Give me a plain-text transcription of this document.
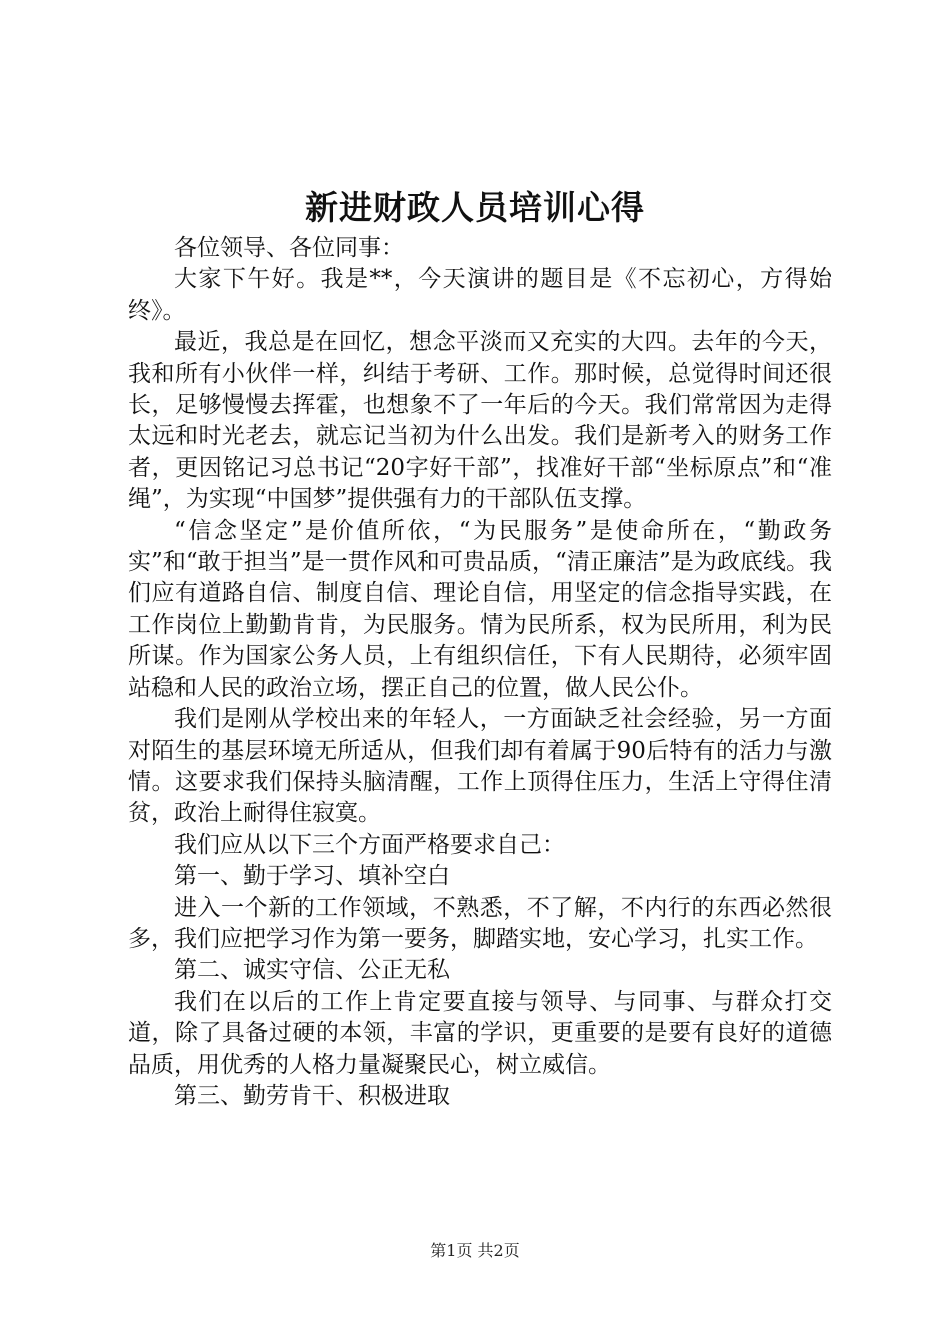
新进财政人员培训心得

各位领导、各位同事：

大家下午好。我是**，今天演讲的题目是《不忘初心，方得始终》。

最近，我总是在回忆，想念平淡而又充实的大四。去年的今天，我和所有小伙伴一样，纠结于考研、工作。那时候，总觉得时间还很长，足够慢慢去挥霍，也想象不了一年后的今天。我们常常因为走得太远和时光老去，就忘记当初为什么出发。我们是新考入的财务工作者，更因铭记习总书记“20字好干部”，找准好干部“坐标原点”和“准绳”，为实现“中国梦”提供强有力的干部队伍支撑。

“信念坚定”是价值所依，“为民服务”是使命所在，“勤政务实”和“敢于担当”是一贯作风和可贵品质，“清正廉洁”是为政底线。我们应有道路自信、制度自信、理论自信，用坚定的信念指导实践，在工作岗位上勤勤肯肯，为民服务。情为民所系，权为民所用，利为民所谋。作为国家公务人员，上有组织信任，下有人民期待，必须牢固站稳和人民的政治立场，摆正自己的位置，做人民公仆。

我们是刚从学校出来的年轻人，一方面缺乏社会经验，另一方面对陌生的基层环境无所适从，但我们却有着属于90后特有的活力与激情。这要求我们保持头脑清醒，工作上顶得住压力，生活上守得住清贫，政治上耐得住寂寞。

我们应从以下三个方面严格要求自己：

第一、勤于学习、填补空白

进入一个新的工作领域，不熟悉，不了解，不内行的东西必然很多，我们应把学习作为第一要务，脚踏实地，安心学习，扎实工作。

第二、诚实守信、公正无私

我们在以后的工作上肯定要直接与领导、与同事、与群众打交道，除了具备过硬的本领，丰富的学识，更重要的是要有良好的道德品质，用优秀的人格力量凝聚民心，树立威信。

第三、勤劳肯干、积极进取

第1页 共2页
